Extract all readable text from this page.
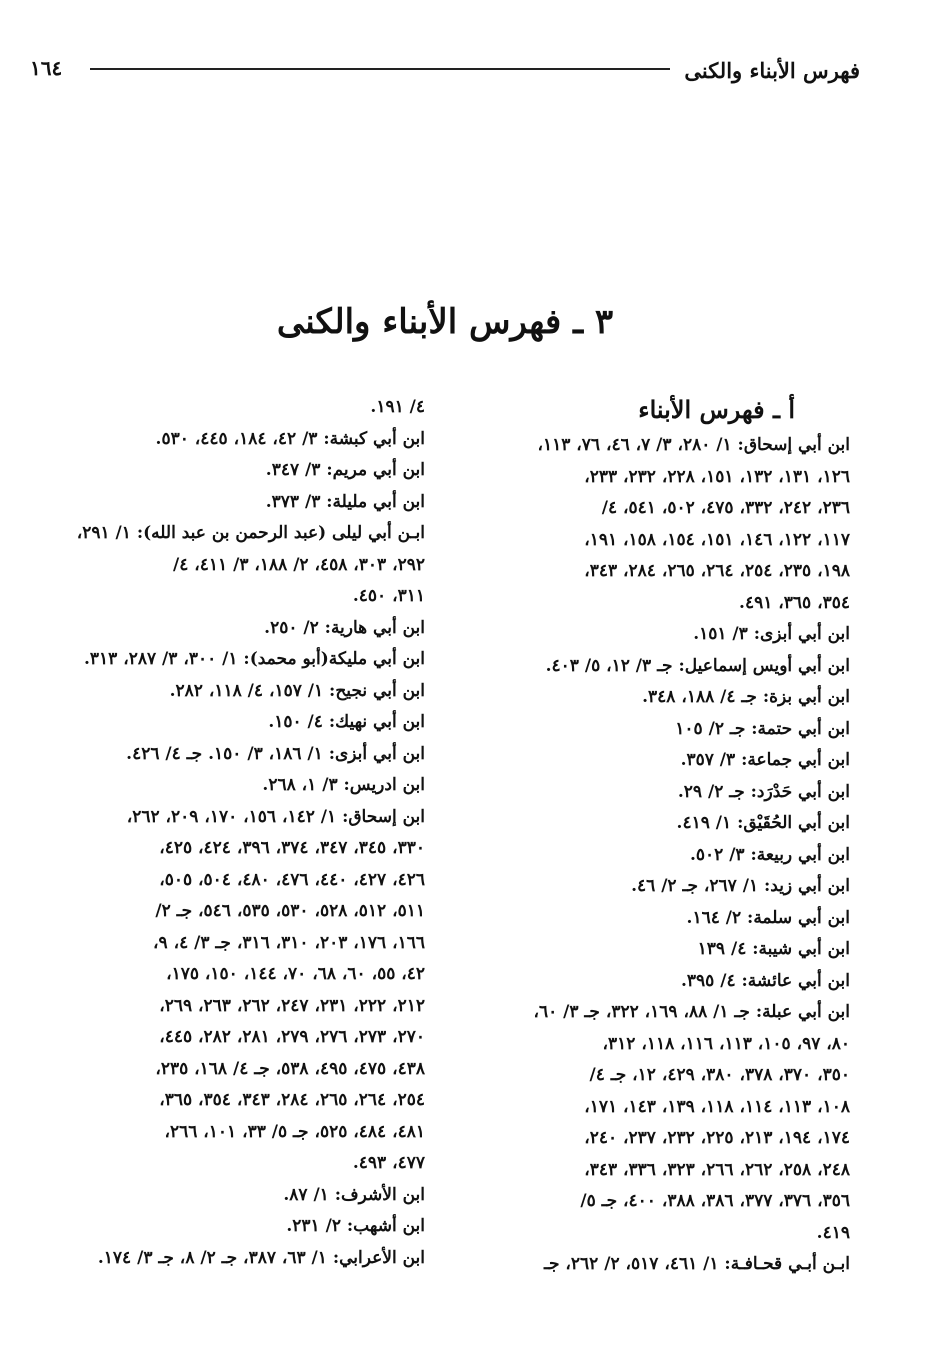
فهرس الأبناء والكنى
١٦٤
٣ ـ فهرس الأبناء والكنى
أ ـ فهرس الأبناء
ابن أبي إسحاق: ١/ ٢٨٠، ٣/ ٧، ٤٦، ٧٦، ١١٣،
١٢٦، ١٣١، ١٣٢، ١٥١، ٢٢٨، ٢٣٢، ٢٣٣،
٢٣٦، ٢٤٢، ٣٣٢، ٤٧٥، ٥٠٢، ٥٤١، ٤/
١١٧، ١٢٢، ١٤٦، ١٥١، ١٥٤، ١٥٨، ١٩١،
١٩٨، ٢٣٥، ٢٥٤، ٢٦٤، ٢٦٥، ٢٨٤، ٣٤٣،
٣٥٤، ٣٦٥، ٤٩١.
ابن أبي أبزى: ٣/ ١٥١.
ابن أبي أويس إسماعيل: جـ ٣/ ١٢، ٥/ ٤٠٣.
ابن أبي بزة: جـ ٤/ ١٨٨، ٣٤٨.
ابن أبي حتمة: جـ ٢/ ١٠٥
ابن أبي جماعة: ٣/ ٣٥٧.
ابن أبي حَدْرَد: جـ ٢/ ٢٩.
ابن أبي الحُقَيْق: ١/ ٤١٩.
ابن أبي ربيعة: ٣/ ٥٠٢.
ابن أبي زيد: ١/ ٢٦٧، جـ ٢/ ٤٦.
ابن أبي سلمة: ٢/ ١٦٤.
ابن أبي شيبة: ٤/ ١٣٩
ابن أبي عائشة: ٤/ ٣٩٥.
ابن أبي عبلة: جـ ١/ ٨٨، ١٦٩، ٣٢٢، جـ ٣/ ٦٠،
٨٠، ٩٧، ١٠٥، ١١٣، ١١٦، ١١٨، ٣١٢،
٣٥٠، ٣٧٠، ٣٧٨، ٣٨٠، ٤٢٩، ١٢، جـ ٤/
١٠٨، ١١٣، ١١٤، ١١٨، ١٣٩، ١٤٣، ١٧١،
١٧٤، ١٩٤، ٢١٣، ٢٢٥، ٢٣٢، ٢٣٧، ٢٤٠،
٢٤٨، ٢٥٨، ٢٦٢، ٢٦٦، ٣٢٣، ٣٣٦، ٣٤٣،
٣٥٦، ٣٧٦، ٣٧٧، ٣٨٦، ٣٨٨، ٤٠٠، جـ ٥/
٤١٩.
ابـن أبـي قحـافـة: ١/ ٤٦١، ٥١٧، ٢/ ٢٦٢، جـ
٤/ ١٩١.
ابن أبي كبشة: ٣/ ٤٢، ١٨٤، ٤٤٥، ٥٣٠.
ابن أبي مريم: ٣/ ٣٤٧.
ابن أبي مليلة: ٣/ ٣٧٣.
ابـن أبي ليلى (عبد الرحمن بن عبد الله): ١/ ٢٩١،
٢٩٢، ٣٠٣، ٤٥٨، ٢/ ١٨٨، ٣/ ٤١١، ٤/
٣١١، ٤٥٠.
ابن أبي هارية: ٢/ ٢٥٠.
ابن أبي مليكة(أبو محمد): ١/ ٣٠٠، ٣/ ٢٨٧، ٣١٣.
ابن أبي نجيح: ١/ ١٥٧، ٤/ ١١٨، ٢٨٢.
ابن أبي نهيك: ٤/ ١٥٠.
ابن أبي أبزى: ١/ ١٨٦، ٣/ ١٥٠. جـ ٤/ ٤٢٦.
ابن ادريس: ٣/ ١، ٢٦٨.
ابن إسحاق: ١/ ١٤٢، ١٥٦، ١٧٠، ٢٠٩، ٢٦٢،
٣٣٠، ٣٤٥، ٣٤٧، ٣٧٤، ٣٩٦، ٤٢٤، ٤٢٥،
٤٢٦، ٤٢٧، ٤٤٠، ٤٧٦، ٤٨٠، ٥٠٤، ٥٠٥،
٥١١، ٥١٢، ٥٢٨، ٥٣٠، ٥٣٥، ٥٤٦، جـ ٢/
١٦٦، ١٧٦، ٢٠٣، ٣١٠، ٣١٦، جـ ٣/ ٤، ٩،
٤٢، ٥٥، ٦٠، ٦٨، ٧٠، ١٤٤، ١٥٠، ١٧٥،
٢١٢، ٢٢٢، ٢٣١، ٢٤٧، ٢٦٢، ٢٦٣، ٢٦٩،
٢٧٠، ٢٧٣، ٢٧٦، ٢٧٩، ٢٨١، ٢٨٢، ٤٤٥،
٤٣٨، ٤٧٥، ٤٩٥، ٥٣٨، جـ ٤/ ١٦٨، ٢٣٥،
٢٥٤، ٢٦٤، ٢٦٥، ٢٨٤، ٣٤٣، ٣٥٤، ٣٦٥،
٤٨١، ٤٨٤، ٥٢٥، جـ ٥/ ٣٣، ١٠١، ٢٦٦،
٤٧٧، ٤٩٣.
ابن الأشرف: ١/ ٨٧.
ابن أشهب: ٢/ ٢٣١.
ابن الأعرابي: ١/ ٦٣، ٣٨٧، جـ ٢/ ٨، جـ ٣/ ١٧٤.
